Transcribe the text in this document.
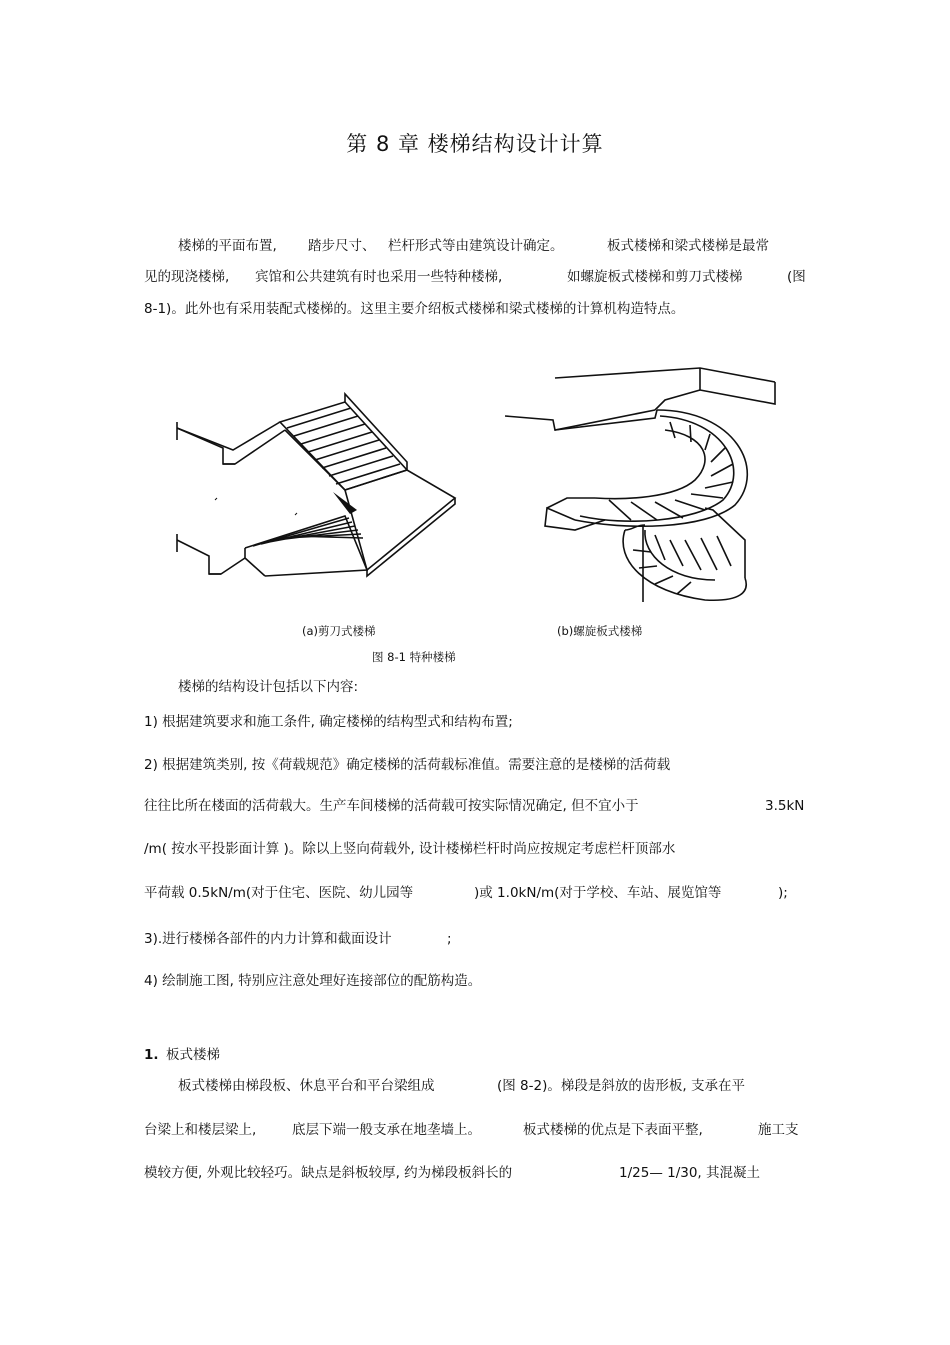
第 8 章 楼梯结构设计计算
楼梯的平面布置, 踏步尺寸、 栏杆形式等由建筑设计确定。	板式楼梯和梁式楼梯是最常
见的现浇楼梯, 宾馆和公共建筑有时也采用一些特种楼梯,	如螺旋板式楼梯和剪刀式楼梯	(图
8-1)。此外也有采用装配式楼梯的。这里主要介绍板式楼梯和梁式楼梯的计算机构造特点。
(a)剪刀式楼梯	(b)螺旋板式楼梯
图 8-1 特种楼梯
楼梯的结构设计包括以下内容:
1) 根据建筑要求和施工条件, 确定楼梯的结构型式和结构布置;
2) 根据建筑类别, 按《荷载规范》确定楼梯的活荷载标准值。需要注意的是楼梯的活荷载
往往比所在楼面的活荷载大。生产车间楼梯的活荷载可按实际情况确定, 但不宜小于	3.5kN
/m( 按水平投影面计算 )。除以上竖向荷载外, 设计楼梯栏杆时尚应按规定考虑栏杆顶部水
平荷载 0.5kN/m(对于住宅、医院、幼儿园等	)或 1.0kN/m(对于学校、车站、展览馆等	);
3).进行楼梯各部件的内力计算和截面设计	;
4) 绘制施工图, 特别应注意处理好连接部位的配筋构造。
1. 板式楼梯
板式楼梯由梯段板、休息平台和平台梁组成	(图 8-2)。梯段是斜放的齿形板, 支承在平
台梁上和楼层梁上,	底层下端一般支承在地垄墙上。	板式楼梯的优点是下表面平整,	施工支
模较方便, 外观比较轻巧。缺点是斜板较厚, 约为梯段板斜长的	1/25— 1/30, 其混凝土
